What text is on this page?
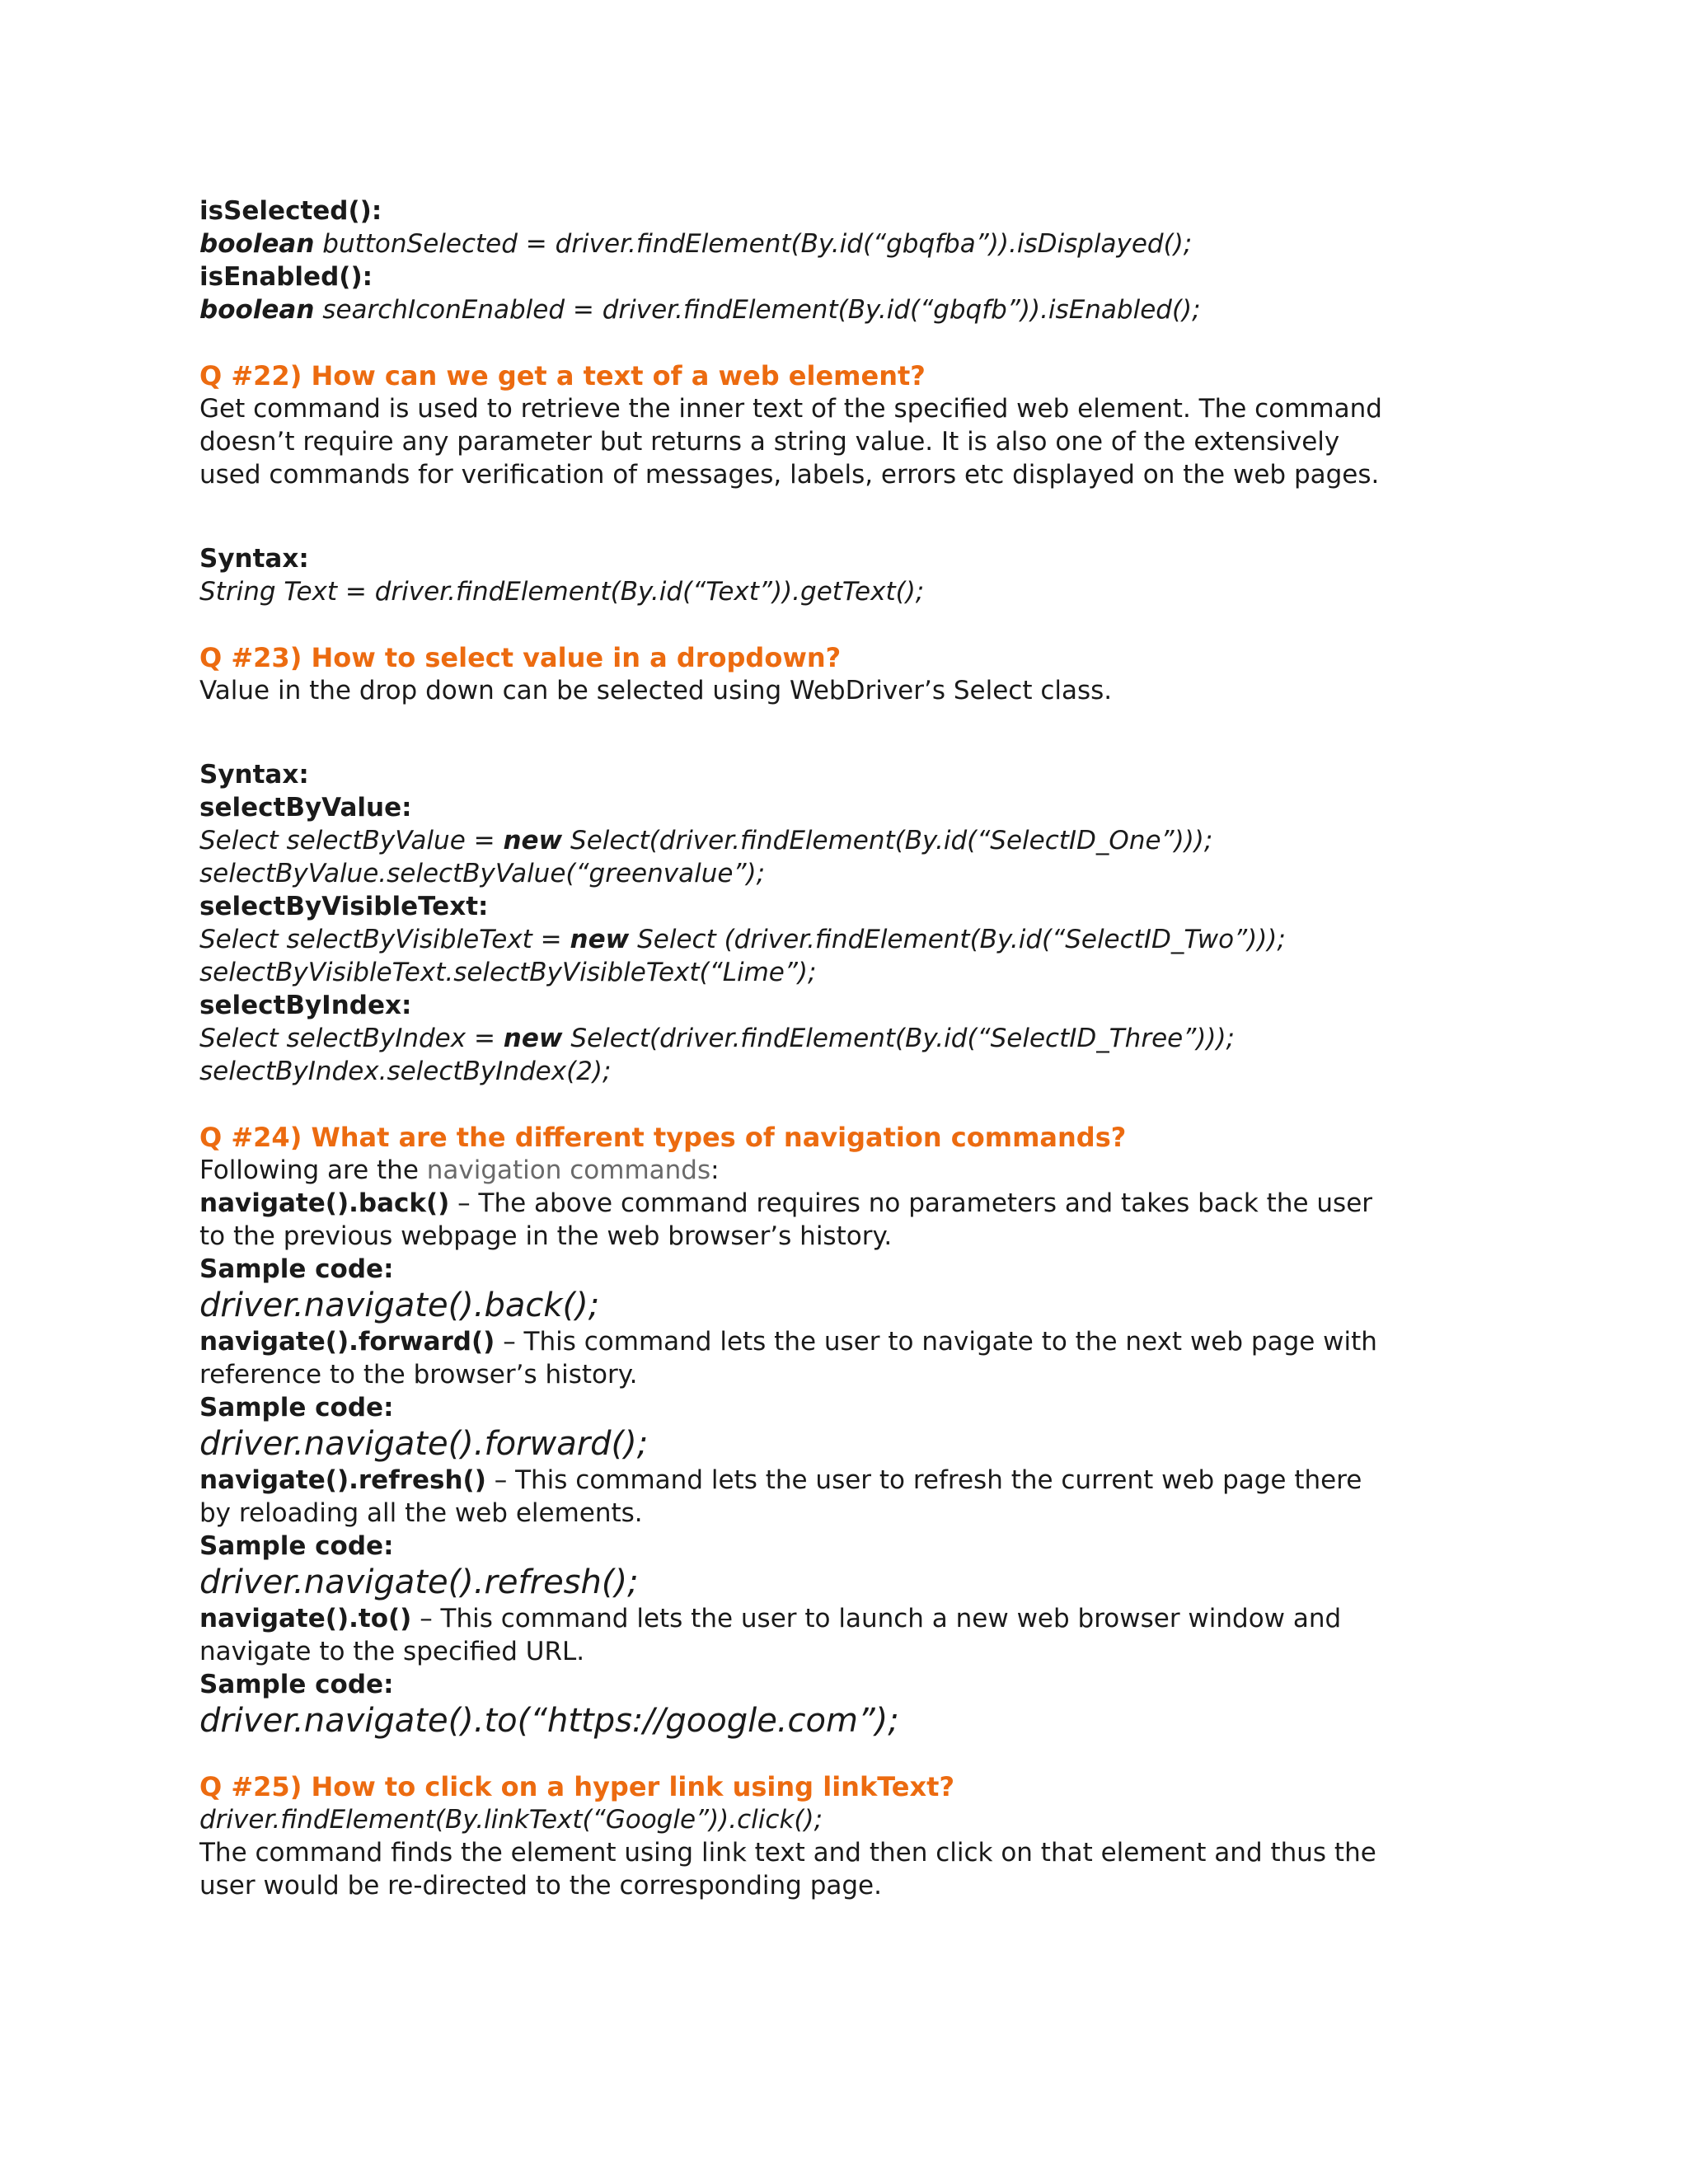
isSelected():

boolean buttonSelected = driver.findElement(By.id(“gbqfba”)).isDisplayed();

isEnabled():

boolean searchIconEnabled = driver.findElement(By.id(“gbqfb”)).isEnabled();

Q #22) How can we get a text of a web element?

Get command is used to retrieve the inner text of the specified web element. The command

doesn’t require any parameter but returns a string value. It is also one of the extensively

used commands for verification of messages, labels, errors etc displayed on the web pages.

Syntax:

String Text = driver.findElement(By.id(“Text”)).getText();

Q #23) How to select value in a dropdown?

Value in the drop down can be selected using WebDriver’s Select class.

Syntax:

selectByValue:

Select selectByValue = new Select(driver.findElement(By.id(“SelectID_One”)));

selectByValue.selectByValue(“greenvalue”);

selectByVisibleText:

Select selectByVisibleText = new Select (driver.findElement(By.id(“SelectID_Two”)));

selectByVisibleText.selectByVisibleText(“Lime”);

selectByIndex:

Select selectByIndex = new Select(driver.findElement(By.id(“SelectID_Three”)));

selectByIndex.selectByIndex(2);

Q #24) What are the different types of navigation commands?

Following are the navigation commands:

navigate().back() – The above command requires no parameters and takes back the user

to the previous webpage in the web browser’s history.

Sample code:

driver.navigate().back();

navigate().forward() – This command lets the user to navigate to the next web page with

reference to the browser’s history.

Sample code:

driver.navigate().forward();

navigate().refresh() – This command lets the user to refresh the current web page there

by reloading all the web elements.

Sample code:

driver.navigate().refresh();

navigate().to() – This command lets the user to launch a new web browser window and

navigate to the specified URL.

Sample code:

driver.navigate().to(“https://google.com”);

Q #25) How to click on a hyper link using linkText?

driver.findElement(By.linkText(“Google”)).click();

The command finds the element using link text and then click on that element and thus the

user would be re-directed to the corresponding page.
